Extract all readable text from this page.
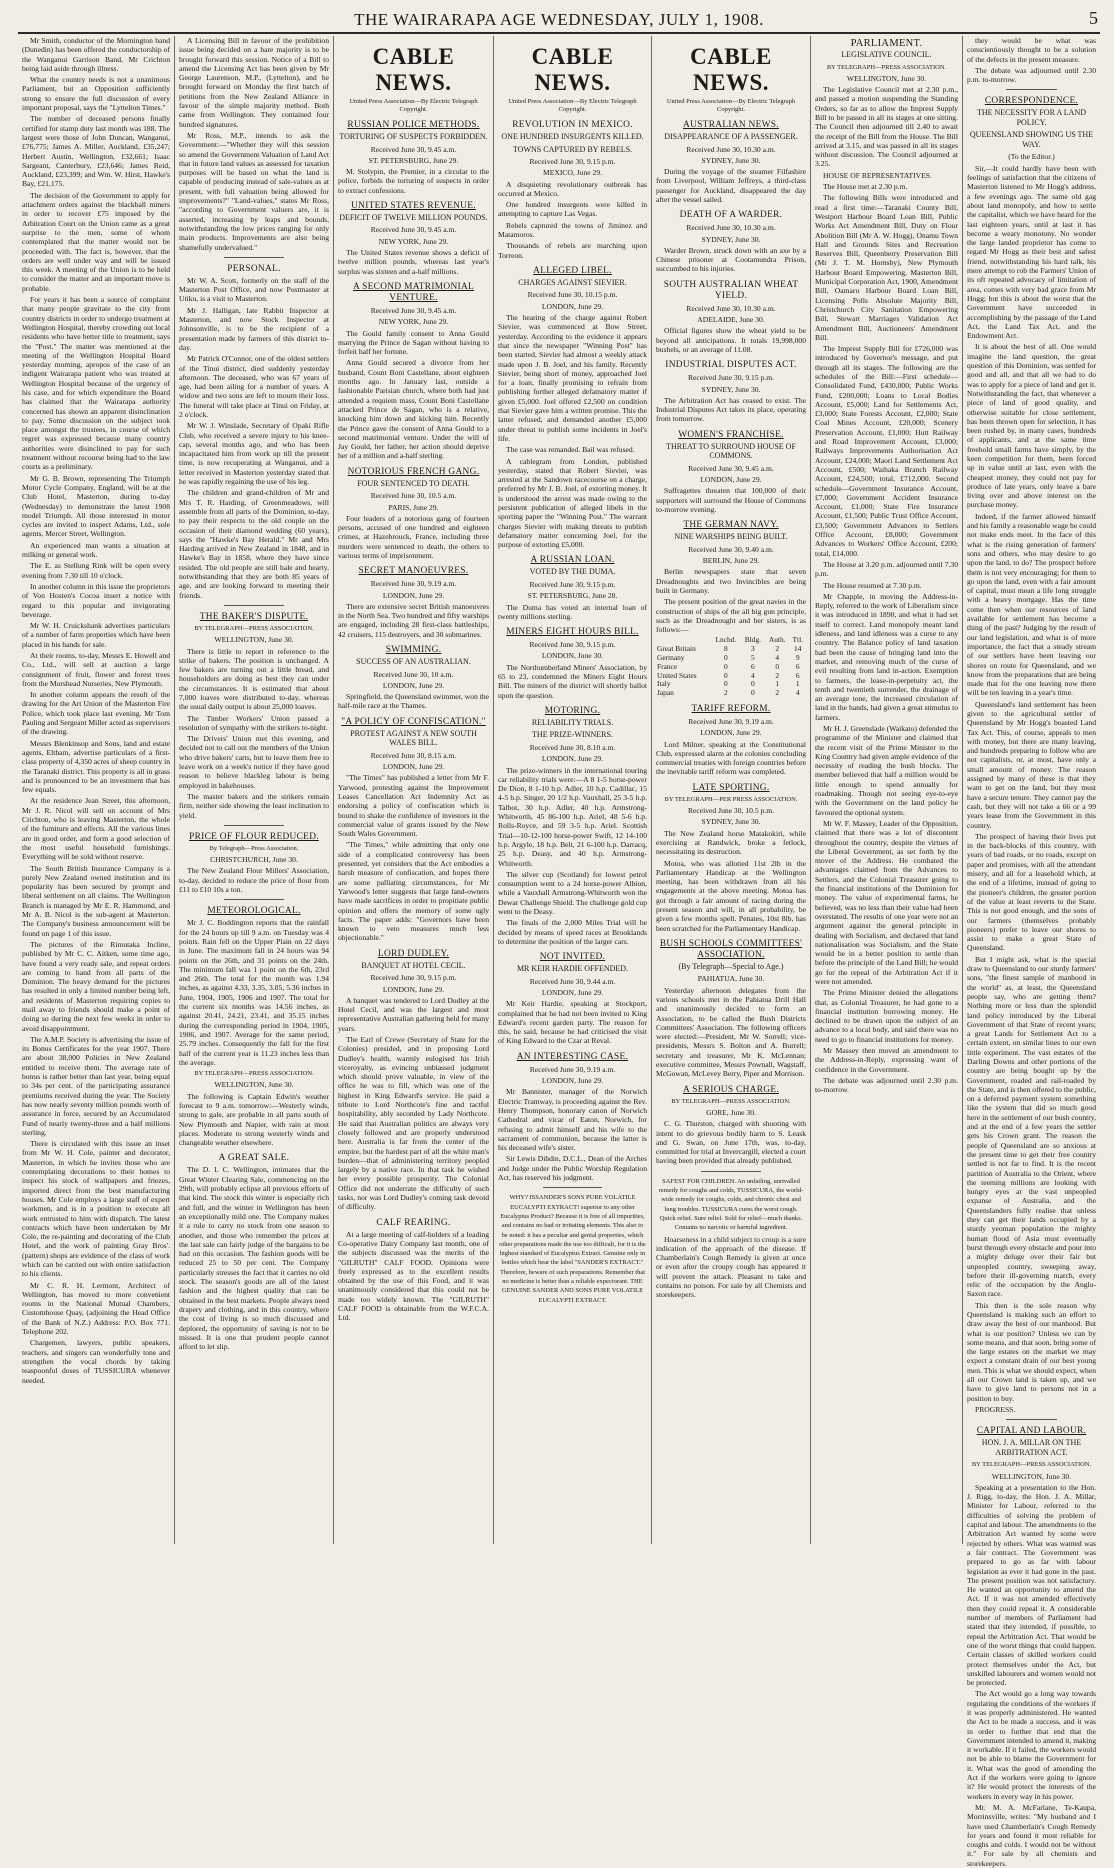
THE WAIRARAPA AGE WEDNESDAY, JULY 1, 1908.	5

Mr Smith, conductor of the Mornington band (Dunedin) has been offered the conductorship of the Wanganui Garrison Band, Mr Crichton being laid aside through illness.

What the country needs is not a unanimous Parliament, but an Opposition sufficiently strong to ensure the full discussion of every important proposal, says the "Lyttelton Times."

The number of deceased persons finally certified for stamp duty last month was 188. The largest were those of John Duncan, Wanganui, £76,775; James A. Miller, Auckland, £35,247; Herbert Austin, Wellington, £32,661; Isaac Sargeant, Canterbury, £23,646; James Reid, Auckland, £23,399; and Wm. W. Hirst, Hawke's Bay, £21,175.

The decision of the Government to apply for attachment orders against the blackball miners in order to recover £75 imposed by the Arbitration Court on the Union came as a great surprise to the men, some of whom contemplated that the matter would not be proceeded with. The fact is, however, that the orders are well under way and will be issued this week. A meeting of the Union is to be held to consider the matter and an important move is probable.

For years it has been a source of complaint that many people gravitate to the city from country districts in order to undergo treatment at Wellington Hospital, thereby crowding out local residents who have better title to treatment, says the "Post." The matter was mentioned at the meeting of the Wellington Hospital Board yesterday morning, apropos of the case of an indigent Wairarapa patient who was treated at Wellington Hospital because of the urgency of his case, and for which expenditure the Board has claimed that the Wairarapa authority concerned has shown an apparent disinclination to pay. Some discussion on the subject took place amongst the trustees, in course of which regret was expressed because many country authorities were disinclined to pay for such treatment without recourse being had to the law courts as a preliminary.

Mr G. B. Brown, representing The Triumph Motor Cycle Company, England, will be at the Club Hotel, Masterton, during to-day (Wednesday) to demonstrate the latest 1908 model Triumph. All those interested in motor cycles are invited to inspect Adams, Ltd., sole agents, Mercer Street, Wellington.

An experienced man wants a situation at milking or general work.

The E. as Stellung Rink will be open every evening from 7.30 till 10 o'clock.

In another column in this issue the proprietors of Von Hosten's Cocoa insert a notice with regard to this popular and invigorating beverage.

Mr W. H. Cruickshank advertises particulars of a number of farm properties which have been placed in his hands for sale.

At their rooms, to-day, Messrs E. Howell and Co., Ltd., will sell at auction a large consignment of fruit, flower and forest trees from the Morshead Nurseries, New Plymouth.

In another column appears the result of the drawing for the Art Union of the Masterton Fire Police, which took place last evening. Mr Tom Pauling and Sergeant Miller acted as supervisors of the drawing.

Messrs Blenkinsop and Sons, land and estate agents, Eltham, advertise particulars of a first-class property of 4,350 acres of sheep country in the Taranaki district. This property is all in grass and is pronounced to be an investment that has few equals.

At the residence Jean Street, this afternoon, Mr J. R. Nicol will sell on account of Mrs Crichton, who is leaving Masterton, the whole of the furniture and effects. All the various lines are in good order, and form a good selection of the most useful household furnishings. Everything will be sold without reserve.

The South British Insurance Company is a purely New Zealand owned institution and its popularity has been secured by prompt and liberal settlement on all claims. The Wellington Branch is managed by Mr E. R. Hammond, and Mr A. B. Nicol is the sub-agent at Masterton. The Company's business announcement will be found on page 1 of this issue.

The pictures of the Rimutaka Incline, published by Mr C. C. Aitken, some time ago, have found a very ready sale, and repeat orders are coming to hand from all parts of the Dominion. The heavy demand for the pictures has resulted in only a limited number being left, and residents of Masterton requiring copies to mail away to friends should make a point of doing so during the next few weeks in order to avoid disappointment.

The A.M.P. Society is advertising the issue of its Bonus Certificates for the year 1907. There are about 38,000 Policies in New Zealand entitled to receive them. The average rate of bonus is rather better than last year, being equal to 34s per cent. of the participating assurance premiums received during the year. The Society has now nearly seventy million pounds worth of assurance in force, secured by an Accumulated Fund of nearly twenty-three and a half millions sterling.

There is circulated with this issue an inset from Mr W. H. Cole, painter and decorator, Masterton, in which he invites those who are contemplating decorations to their homes to inspect his stock of wallpapers and friezes, imported direct from the best manufacturing houses. Mr Cole employs a large staff of expert workmen, and is in a position to execute all work entrusted to him with dispatch. The latest contracts which have been undertaken by Mr Cole, the re-painting and decorating of the Club Hotel, and the work of painting Gray Bros'. (pattern) shops are evidence of the class of work which can be carried out with entire satisfaction to his clients.

Mr C. R. H. Lermont, Architect of Wellington, has moved to more convenient rooms in the National Mutual Chambers, Customhouse Quay, (adjoining the Head Office of the Bank of N.Z.) Address: P.O. Box 771. Telephone 202.

Chargemen, lawyers, public speakers, teachers, and singers can wonderfully tone and strengthen the vocal chords by taking teaspoonful doses of TUSSICURA whenever needed.

A Licensing Bill in favour of the prohibition issue being decided on a bare majority is to be brought forward this session. Notice of a Bill to amend the Licensing Act has been given by Mr George Laurenson, M.P., (Lyttelton), and he brought forward on Monday the first batch of petitions from the New Zealand Alliance in favour of the simple majority method. Both came from Wellington. They contained four hundred signatures.

Mr Ross, M.P., intends to ask the Government:—"Whether they will this session so amend the Government Valuation of Land Act that in future land values as assessed for taxation purposes will be based on what the land is capable of producing instead of sale-values as at present, with full valuation being allowed for improvements?" "Land-values," states Mr Ross, "according to Government valuers are, it is asserted, increasing by leaps and bounds, notwithstanding the low prices ranging for only main products. Improvements are also being shamefully undervalued."

PERSONAL.

Mr W. A. Scott, formerly on the staff of the Masterton Post Office, and now Postmaster at Utiku, is a visit to Masterton.

Mr J. Halligan, late Rabbit Inspector at Masterton, and now Stock Inspector at Johnsonville, is to be the recipient of a presentation made by farmers of this district to-day.

Mr Patrick O'Connor, one of the oldest settlers of the Tinui district, died suddenly yesterday afternoon. The deceased, who was 67 years of age, had been ailing for a number of years. A widow and two sons are left to mourn their loss. The funeral will take place at Tinui on Friday, at 2 o'clock.

Mr W. J. Winslade, Secretary of Opaki Rifle Club, who received a severe injury to his knee-cap, several months ago, and who has been incapacitated him from work up till the present time, is now recuperating at Wanganui, and a letter received in Masterton yesterday stated that he was rapidly regaining the use of his leg.

The children and grand-children of Mr and Mrs T. R. Harding, of Greenmeadows, will assemble from all parts of the Dominion, to-day, to pay their respects to the old couple on the occasion of their diamond wedding (60 years), says the "Hawke's Bay Herald." Mr and Mrs Harding arrived in New Zealand in 1848, and in Hawke's Bay in 1858, where they have since resided. The old people are still hale and hearty, notwithstanding that they are both 85 years of age, and are looking forward to meeting their friends.

THE BAKER'S DISPUTE.
BY TELEGRAPH—PRESS ASSOCIATION.
WELLINGTON, June 30.

There is little to report in reference to the strike of bakers. The position is unchanged. A few bakers are turning out a little bread, and householders are doing as best they can under the circumstances. It is estimated that about 7,000 loaves were distributed to-day, whereas the usual daily output is about 25,000 loaves.

The Timber Workers' Union passed a resolution of sympathy with the strikers to-night.

The Drivers' Union met this evening, and decided not to call out the members of the Union who drive bakers' carts, but to leave them free to leave work on a week's notice if they have good reason to believe blackleg labour is being employed in bakehouses.

The master bakers and the strikers remain firm, neither side showing the least inclination to yield.

PRICE OF FLOUR REDUCED.
By Telegraph—Press Association.
CHRISTCHURCH, June 30.

The New Zealand Flour Millers' Association, to-day, decided to reduce the price of flour from £11 to £10 10s a ton.

METEOROLOGICAL.

Mr J. C. Boddington reports that the rainfall for the 24 hours up till 9 a.m. on Tuesday was 4 points. Rain fell on the Upper Plain on 22 days in June. The maximum fall in 24 hours was 94 points on the 26th, and 31 points on the 24th. The minimum fall was 1 point on the 6th, 23rd and 26th. The total for the month was 1.94 inches, as against 4.33, 3.35, 3.05, 5.36 inches in June, 1904, 1905, 1906 and 1907. The total for the current six months was 14.56 inches, as against 20.41, 24.21, 23.41, and 35.15 inches during the corresponding period in 1904, 1905, 1906, and 1907. Average for the same period, 25.79 inches. Consequently the fall for the first half of the current year is 11.23 inches less than the average.

BY TELEGRAPH—PRESS ASSOCIATION.
WELLINGTON, June 30.

The following is Captain Edwin's weather forecast to 9 a.m. tomorrow:—Westerly winds, strong to gale, are probable in all parts south of New Plymouth and Napier, with rain at most places. Moderate to strong westerly winds and changeable weather elsewhere.

A GREAT SALE.

The D. I. C. Wellington, intimates that the Great Winter Clearing Sale, commencing on the 29th, will probably eclipse all previous efforts of that kind. The stock this winter is especially rich and full, and the winter in Wellington has been an exceptionally mild one. The Company makes it a rule to carry no stock from one season to another, and those who remember the prices at the last sale can fairly judge of the bargains to be had on this occasion. The fashion goods will be reduced 25 to 50 per cent. The Company particularly stresses the fact that it carries no old stock. The season's goods are all of the latest fashion and the highest quality that can be obtained in the best markets. People always need drapery and clothing, and in this country, where the cost of living is so much discussed and deplored, the opportunity of saving is not to be missed. It is one that prudent people cannot afford to let slip.

CABLE NEWS.
United Press Association—By Electric Telegraph Copyright.
RUSSIAN POLICE METHODS.
TORTURING OF SUSPECTS FORBIDDEN.
Received June 30, 9.45 a.m.
ST. PETERSBURG, June 29.

M. Stolypin, the Premier, in a circular to the police, forbids the torturing of suspects in order to extract confessions.

UNITED STATES REVENUE.
DEFICIT OF TWELVE MILLION POUNDS.
Received June 30, 9.45 a.m.
NEW YORK, June 29.

The United States revenue shows a deficit of twelve million pounds, whereas last year's surplus was sixteen and a-half millions.

A SECOND MATRIMONIAL VENTURE.
Received June 30, 9.45 a.m.
NEW YORK, June 29.

The Gould family consent to Anna Gould marrying the Prince de Sagan without having to forfeit half her fortune.

Anna Gould secured a divorce from her husband, Count Boni Castellane, about eighteen months ago. In January last, outside a fashionable Parisian church, where both had just attended a requiem mass, Count Boni Castellane attacked Prince de Sagan, who is a relative, knocking him down and kicking him. Recently the Prince gave the consent of Anna Gould to a second matrimonial venture. Under the will of Jay Gould, her father, her action should deprive her of a million and a-half sterling.

NOTORIOUS FRENCH GANG.
FOUR SENTENCED TO DEATH.
Received June 30, 10.5 a.m.
PARIS, June 29.

Four leaders of a notorious gang of fourteen persons, accused of one hundred and eighteen crimes, at Hazebrouck, France, including three murders were sentenced to death, the others to various terms of imprisonment.

SECRET MANOEUVRES.
Received June 30, 9.19 a.m.
LONDON, June 29.

There are extensive secret British manoeuvres in the North Sea. Two hundred and fifty warships are engaged, including 28 first-class battleships, 42 cruisers, 115 destroyers, and 30 submarines.

SWIMMING.
SUCCESS OF AN AUSTRALIAN.
Received June 30, 10 a.m.
LONDON, June 29.

Springfield, the Queensland swimmer, won the half-mile race at the Thames.

"A POLICY OF CONFISCATION."
PROTEST AGAINST A NEW SOUTH WALES BILL.
Received June 30, 8.15 a.m.
LONDON, June 29.

"The Times" has published a letter from Mr F. Yarwood, protesting against the Improvement Leases Cancellation Act Indemnity Act as endorsing a policy of confiscation which is bound to shake the confidence of investors in the commercial value of grants issued by the New South Wales Government.

"The Times," while admitting that only one side of a complicated controversy has been presented, yet considers that the Act embodies a harsh measure of confiscation, and hopes there are some palliating circumstances, for Mr Yarwood's letter suggests that large land-owners have made sacrifices in order to propitiate public opinion and offers the memory of some ugly facts. The paper adds: "Governors have been known to veto measures much less objectionable."

LORD DUDLEY.
BANQUET AT HOTEL CECIL.
Received June 30, 9.15 p.m.
LONDON, June 29.

A banquet was tendered to Lord Dudley at the Hotel Cecil, and was the largest and most representative Australian gathering held for many years.

The Earl of Crewe (Secretary of State for the Colonies) presided, and in proposing Lord Dudley's health, warmly eulogised his Irish viceroyalty, as evincing unbiassed judgment which should prove valuable, in view of the office he was to fill, which was one of the highest in King Edward's service. He paid a tribute to Lord Northcote's fine and tactful hospitability, ably seconded by Lady Northcote. He said that Australian politics are always very closely followed and are properly understood here. Australia is far from the center of the empire, but the hardest part of all the white man's burden—that of administering territory peopled largely by a native race. In that task he wished her every possible prosperity. The Colonial Office did not underrate the difficulty of such tasks, nor was Lord Dudley's coming task devoid of difficulty.

CALF REARING.

At a large meeting of calf-holders of a leading Co-operative Dairy Company last month, one of the subjects discussed was the merits of the "GILRUTH" CALF FOOD. Opinions were freely expressed as to the excellent results obtained by the use of this Food, and it was unanimously considered that this could not be made too widely known. The "GILRUTH" CALF FOOD is obtainable from the W.F.C.A. Ltd.

CABLE NEWS.
United Press Association—By Electric Telegraph Copyright.
REVOLUTION IN MEXICO.
ONE HUNDRED INSURGENTS KILLED.
TOWNS CAPTURED BY REBELS.
Received June 30, 9.15 p.m.
MEXICO, June 29.

A disquieting revolutionary outbreak has occurred at Mexico.

One hundred insurgents were killed in attempting to capture Las Vegas.

Rebels captured the towns of Jiminez and Matamoros.

Thousands of rebels are marching upon Torreon.

ALLEGED LIBEL.
CHARGES AGAINST SIEVIER.
Received June 30, 10.15 p.m.
LONDON, June 29.

The hearing of the charge against Robert Sievier, was commenced at Bow Street, yesterday. According to the evidence it appears that since the newspaper "Winning Post" has been started, Sievier had almost a weekly attack made upon J. B. Joel, and his family. Recently Sievier, being short of money, approached Joel for a loan, finally promising to refrain from publishing further alleged defamatory matter if given £5,000. Joel offered £2,500 on condition that Sievier gave him a written promise. This the latter refused, and demanded another £5,000 under threat to publish some incidents in Joel's life.

The case was remanded. Bail was refused.

A cablegram from London, published yesterday, stated that Robert Sievier, was arrested at the Sandown racecourse on a charge, preferred by Mr J. B. Joel, of extorting money. It is understood the arrest was made owing to the persistent publication of alleged libels in the sporting paper the "Winning Post." The warrant charges Sievier with making threats to publish defamatory matter concerning Joel, for the purpose of extorting £5,000.

A RUSSIAN LOAN.
VOTED BY THE DUMA.
Received June 30, 9.15 p.m.
ST. PETERSBURG, June 28.

The Duma has voted an internal loan of twenty millions sterling.

MINERS EIGHT HOURS BILL.
Received June 30, 9.15 p.m.
LONDON, June 30.

The Northumberland Miners' Association, by 65 to 23, condemned the Miners Eight Hours Bill. The miners of the district will shortly ballot upon the question.

MOTORING.
RELIABILITY TRIALS.
THE PRIZE-WINNERS.
Received June 30, 8.10 a.m.
LONDON, June 29.

The prize-winners in the international touring car reliability trials were:—A 8 1-5 horse-power De Dion, 8 1-10 h.p. Adler, 10 h.p. Cadillac, 15 4-5 h.p. Singer, 20 1/2 h.p. Vauxhall, 25 3-5 h.p. Talbot, 30 h.p. Adler, 40 h.p. Armstrong-Whitworth, 45 86-100 h.p. Ariel, 48 5-6 h.p. Rolls-Royce, and 59 3-5 h.p. Ariel. Scottish Trial—10-12-100 horse-power Swift, 12 14-100 h.p. Argyle, 18 h.p. Belt, 21 6-100 h.p. Darracq, 25 h.p. Deasy, and 40 h.p. Armstrong-Whitworth.

The silver cup (Scotland) for lowest petrol consumption went to a 24 horse-power Albion, while a Vauxhall Armstrong-Whitworth won the Dewar Challenge Shield. The challenge gold cup went to the Deasy.

The finals of the 2,000 Miles Trial will be decided by means of speed races at Brooklands to determine the position of the larger cars.

NOT INVITED.
MR KEIR HARDIE OFFENDED.
Received June 30, 9.44 a.m.
LONDON, June 29.

Mr Keir Hardie, speaking at Stockport, complained that he had not been invited to King Edward's recent garden party. The reason for this, he said, because he had criticised the visit of King Edward to the Czar at Reval.

AN INTERESTING CASE.
Received June 30, 9.19 a.m.
LONDON, June 29.

Mr Bannister, manager of the Norwich Electric Tramway, is proceeding against the Rev. Henry Thompson, honorary canon of Norwich Cathedral and vicar of Eaton, Norwich, for refusing to admit himself and his wife to the sacrament of communion, because the latter is his deceased wife's sister.

Sir Lewis Dibdin, D.C.L., Dean of the Arches and Judge under the Public Worship Regulation Act, has reserved his judgment.

WHY? ISSANDER'S SONS PURE VOLATILE EUCALYPTI EXTRACT! superior to any other Eucalyptus Product? Because it is free of all impurities, and contains no bad or irritating elements. This also to be noted: it has a peculiar and genial properties, which other preparations made the use too difficult, for it is the highest standard of Eucalyptus Extract. Genuine only in bottles which bear the label "SANDER'S EXTRACT." Therefore, beware of such preparations. Remember that no medicine is better than a reliable expectorant. THE GENUINE SANDER AND SONS PURE VOLATILE EUCALYPTI EXTRACT.

CABLE NEWS.
United Press Association—By Electric Telegraph Copyright.
AUSTRALIAN NEWS.
DISAPPEARANCE OF A PASSENGER.
Received June 30, 10.30 a.m.
SYDNEY, June 30.

During the voyage of the steamer Filfashire from Liverpool, William Jeffreys, a third-class passenger for Auckland, disappeared the day after the vessel sailed.

DEATH OF A WARDER.
Received June 30, 10.30 a.m.
SYDNEY, June 30.

Warder Brown, struck down with an axe by a Chinese prisoner at Cootamundra Prison, succumbed to his injuries.

SOUTH AUSTRALIAN WHEAT YIELD.
Received June 30, 10.30 a.m.
ADELAIDE, June 30.

Official figures show the wheat yield to be beyond all anticipations. It totals 19,998,000 bushels, or an average of 11.08.

INDUSTRIAL DISPUTES ACT.
Received June 30, 9.15 p.m.
SYDNEY, June 30.

The Arbitration Act has ceased to exist. The Industrial Disputes Act takes its place, operating from tomorrow.

WOMEN'S FRANCHISE.
THREAT TO SURROUND HOUSE OF COMMONS.
Received June 30, 9.45 a.m.
LONDON, June 29.

Suffragettes threaten that 100,000 of their supporters will surround the House of Commons to-morrow evening.

THE GERMAN NAVY.
NINE WARSHIPS BEING BUILT.
Received June 30, 9.40 a.m.
BERLIN, June 29.

Berlin newspapers state that seven Dreadnoughts and two Invincibles are being built in Germany.

The present position of the great navies in the construction of ships of the all big gun principle, such as the Dreadnought and her sisters, is as follows:—

	Lnchd.	Bldg.	Auth.	Ttl.
Great Britain	8	3	2	14
Germany	0	5	4	9
France	0	6	0	6
United States	0	4	2	6
Italy	0	0	1	1
Japan	2	0	2	4
TARIFF REFORM.
Received June 30, 9.19 a.m.
LONDON, June 29.

Lord Milner, speaking at the Constitutional Club, expressed alarm at the colonies concluding commercial treaties with foreign countries before the inevitable tariff reform was completed.

LATE SPORTING.
BY TELEGRAPH—PER PRESS ASSOCIATION.
Received June 30, 10.5 p.m.
SYDNEY, June 30.

The New Zealand horse Matakokiri, while exercising at Randwick, broke a fetlock, necessitating its destruction.

Motoa, who was allotted 11st 2lb in the Parliamentary Handicap at the Wellington meeting, has been withdrawn from all his engagements at the above meeting. Motoa has got through a fair amount of racing during the present season and will, in all probability, be given a few months spell. Penates, 10st 8lb, has been scratched for the Parliamentary Handicap.

BUSH SCHOOLS COMMITTEES' ASSOCIATION.
(By Telegraph—Special to Age.)
PAHIATUA, June 30.

Yesterday afternoon delegates from the various schools met in the Pahiatua Drill Hall and unanimously decided to form an Association, to be called the Bush Districts Committees' Association. The following officers were elected:—President, Mr W. Sorrell; vice-presidents, Messrs S. Bolton and A. Burrell; secretary and treasurer, Mr K. McLennan; executive committee, Messrs Pownall, Wagstaff, McGowan, McLevey Berry, Piper and Morrison.

A SERIOUS CHARGE.
BY TELEGRAPH—PRESS ASSOCIATION.
GORE, June 30.

C. G. Thurston, charged with shooting with intent to do grievous bodily harm to S. Leask and G. Swan, on June 17th, was, to-day, committed for trial at Invercargill, elected a court having been provided that already published.

SAFEST FOR CHILDREN. An unfailing, unrivalled remedy for coughs and colds, TUSSICURA, the world-wide remedy for coughs, colds, and chronic chest and lung troubles. TUSSICURA cures the worst cough. Quick relief. Sure relief. Sold for relief—much thanks. Contains no narcotic or harmful ingredient.

Hoarseness in a child subject to croup is a sure indication of the approach of the disease. If Chamberlain's Cough Remedy is given at once or even after the croupy cough has appeared it will prevent the attack. Pleasant to take and contains no poison. For sale by all Chemists and storekeepers.

PARLIAMENT.
LEGISLATIVE COUNCIL.
BY TELEGRAPH—PRESS ASSOCIATION.
WELLINGTON, June 30.

The Legislative Council met at 2.30 p.m., and passed a motion suspending the Standing Orders, so far as to allow the Imprest Supply Bill to be passed in all its stages at one sitting. The Council then adjourned till 2.40 to await the receipt of the Bill from the House. The Bill arrived at 3.15, and was passed in all its stages without discussion. The Council adjourned at 3.25.

HOUSE OF REPRESENTATIVES.

The House met at 2.30 p.m.

The following Bills were introduced and read a first time:—Taranaki County Bill, Westport Harbour Board Loan Bill, Public Works Act Amendment Bill, Duty on Flour Abolition Bill (Mr A. W. Hogg), Onamu Town Hall and Grounds Sites and Recreation Reserves Bill, Queenberry Preservation Bill (Mr J. T. M. Hornsby), New Plymouth Harbour Board Empowering, Masterton Bill, Municipal Corporation Act, 1900, Amendment Bill, Oamaru Harbour Board Loan Bill, Licensing Polls Absolute Majority Bill, Christchurch City Sanitation Empowering Bill, Stewart Marriages Validation Act Amendment Bill, Auctioneers' Amendment Bill.

The Imprest Supply Bill for £726,000 was introduced by Governor's message, and put through all its stages. The following are the schedules of the Bill:—First schedule—Consolidated Fund, £430,000; Public Works Fund, £200,000; Loans to Local Bodies Account, £5,000; Land for Settlements Act, £3,000; State Forests Account, £2,000; State Coal Mines Account, £20,000; Scenery Preservation Account, £1,000; Hutt Railway and Road Improvement Account, £3,000; Railways Improvements Authorisation Act Account, £24,000; Maori Land Settlement Act Account, £500; Waihaka Branch Railway Account, £24,500; total, £712,000. Second schedule—Government Insurance Account, £7,000; Government Accident Insurance Account, £1,000; State Fire Insurance Account, £1,500; Public Trust Office Account, £3,500; Government Advances to Settlers Office Account, £8,000; Government Advances to Workers' Office Account, £200; total, £14,000.

The House at 3.20 p.m. adjourned until 7.30 p.m.

The House resumed at 7.30 p.m.

Mr Chapple, in moving the Address-in-Reply, referred to the work of Liberalism since it was introduced in 1890, and what it had set itself to correct. Land monopoly meant land idleness, and land idleness was a curse to any country. The Balance policy of land taxation had been the cause of bringing land into the market, and removing much of the curse of evil resulting from land in-action. Exemption to farmers, the lease-in-perpetuity act, the tenth and twentieth surrender, the drainage of an average tone, the increased circulation of land in the hands, had given a great stimulus to farmers.

Mr H. J. Greenslade (Waikato) defended the programme of the Minister and claimed that the recent visit of the Prime Minister to the King Country had given ample evidence of the necessity of reading the bush blocks. The member believed that half a million would be little enough to spend annually for roadmaking. Though not seeing eye-to-eye with the Government on the land policy he favoured the optional system.

Mr W. F. Massey, Leader of the Opposition, claimed that there was a lot of discontent throughout the country, despite the virtues of the Liberal Government, as set forth by the mover of the Address. He combated the advantages claimed from the Advances to Settlers, and the Colonial Treasurer going to the financial institutions of the Dominion for money. The value of experimental farms, he believed, was no less than their value had been overstated. The results of one year were not an argument against the general principle in dealing with Socialism, and declared that land nationalisation was Socialism, and the State would be in a better position to settle than before the principle of the Land Bill; he would go for the repeal of the Arbitration Act if it were not amended.

The Prime Minister denied the allegations that, as Colonial Treasurer, he had gone to a financial institution borrowing money. He declined to be drawn upon the subject of an advance to a local body, and said there was no need to go to financial institutions for money.

Mr Massey then moved an amendment to the Address-in-Reply, expressing want of confidence in the Government.

The debate was adjourned until 2.30 p.m. to-morrow.

they would be what was conscientiously thought to be a solution of the defects in the present measure.

The debate was adjourned until 2.30 p.m. to-morrow.

CORRESPONDENCE.
THE NECESSITY FOR A LAND POLICY.
QUEENSLAND SHOWING US THE WAY.
(To the Editor.)

Sir,—It could hardly have been with feelings of satisfaction that the citizens of Masterton listened to Mr Hogg's address, a few evenings ago. The same old gag about land monopoly, and how to settle the capitalist, which we have heard for the last eighteen years, until at last it has become a weary monotony. No wonder the large landed proprietor has come to regard Mr Hogg as their best and safest friend, notwithstanding his hard talk, his mere attempt to rob the Farmers' Union of its oft repeated advocacy of limitation of area, comes with very bad grace from Mr Hogg; but this is about the worst that the Government have succeeded in accomplishing by the passage of the Land Act, the Land Tax Act, and the Endowment Act.

It is about the best of all. One would imagine the land question, the great question of this Dominion, was settled for good and all, and that all we had to do was to apply for a piece of land and get it. Notwithstanding the fact, that whenever a piece of land of good quality, and otherwise suitable for close settlement, has been thrown open for selection, it has been rushed by, in many cases, hundreds of applicants, and at the same time freehold small farms have simply, by the keen competition for them, been forced up in value until at last, even with the cheapest money, they could not pay for produce of late years, only leave a bare living over and above interest on the purchase money.

Indeed, if the farmer allowed himself and his family a reasonable wage he could not make ends meet. In the face of this what is the rising generation of farmers' sons and others, who may desire to go upon the land, to do? The prospect before them is not very encouraging; for them to go upon the land, even with a fair amount of capital, must mean a life long struggle with a heavy mortgage. Has the time come then when our resources of land available for settlement has become a thing of the past? Judging by the result of our land legislation, and what is of more importance, the fact that a steady stream of our settlers have been leaving our shores on route for Queensland, and we know from the preparations that are being made that for the one leaving now there will be ten leaving in a year's time.

Queensland's land settlement has been given to the agricultural settler of Queensland by Mr Hogg's boasted Land Tax Act. This, of course, appeals to men with money, but there are many leaving, and hundreds preparing to follow who are not capitalists, or, at most, have only a small amount of money. The reason assigned by many of these is that they want to get on the land, but they must have a secure tenure. They cannot pay the cash, but they will not take a 66 or a 99 years lease from the Government in this country.

The prospect of having their lives put in the back-blocks of this country, with years of bad roads, or no roads, except on paper and promises, with all the attendant misery, and all for a leasehold which, at the end of a lifetime, instead of going to the pioneer's children, the greater portion of the value at least reverts to the State. This is not good enough, and the sons of our farmers (themselves probably pioneers) prefer to leave our shores to assist to make a great State of Queensland.

But I might ask, what is the special draw to Queensland to our sturdy farmers' sons, "the finest sample of manhood in the world" as, at least, the Queensland people say, who are getting them? Nothing more or less than the splendid land policy introduced by the Liberal Government of that State of recent years; a great Lands for Settlement Act to a certain extent, on similar lines to our own little experiment. The vast estates of the Darling Downs and other portions of the country are being bought up by the Government, roaded and rail-roaded by the State, and is then offered to the public, on a deferred payment system something like the system that did so much good here in the settlement of our bush country, and at the end of a few years the settler gets his Crown grant. The reason the people of Queensland are so anxious at the present time to get their free country settled is not far to find. It is the recent partition of Australia to the Orient, where the teeming millions are looking with hungry eyes at the vast unpeopled expanse of Australia, and the Queenslanders fully realise that unless they can get their lands occupied by a sturdy yeoman population the mighty human flood of Asia must eventually burst through every obstacle and pour into a mighty deluge over their fair but unpeopled country, sweeping away, before their ill-governing march, every relic of the occupation by the Anglo-Saxon race.

This then is the sole reason why Queensland is making such an effort to draw away the best of our manhood. But what is our position? Unless we can by some means, and that soon, bring some of the large estates on the market we may expect a constant drain of our best young men. This is what we should expect, when all our Crown land is taken up, and we have to give land to persons not in a position to buy.

PROGRESS.

CAPITAL AND LABOUR.
HON. J. A. MILLAR ON THE ARBITRATION ACT.
BY TELEGRAPH—PRESS ASSOCIATION.
WELLINGTON, June 30.

Speaking at a presentation to the Hon. J. Rigg, to-day, the Hon. J. A. Millar, Minister for Labour, referred to the difficulties of solving the problem of capital and labour. The amendments to the Arbitration Act wanted by some were rejected by others. What was wanted was a fair contract. The Government was prepared to go as far with labour legislation as ever it had gone in the past. The present position was not satisfactory. He wanted an opportunity to amend the Act. If it was not amended effectively then they could repeal it. A considerable number of members of Parliament had stated that they intended, if possible, to repeal the Arbitration Act. That would be one of the worst things that could happen. Certain classes of skilled workers could protect themselves under the Act, but unskilled labourers and women would not be protected.

The Act would go a long way towards regulating the conditions of the workers if it was properly administered. He wanted the Act to be made a success, and it was in order to further that end that the Government intended to amend it, making it workable. If it failed, the workers would not be able to blame the Government for it. What was the good of amending the Act if the workers were going to ignore it? He would protect the interests of the workers in every way in his power.

Mr. M. A. McFarlane, Te-Kaupa, Morrinsville, writes: "My husband and I have used Chamberlain's Cough Remedy for years and found it most reliable for coughs and colds. I would not be without it." For sale by all chemists and storekeepers.
